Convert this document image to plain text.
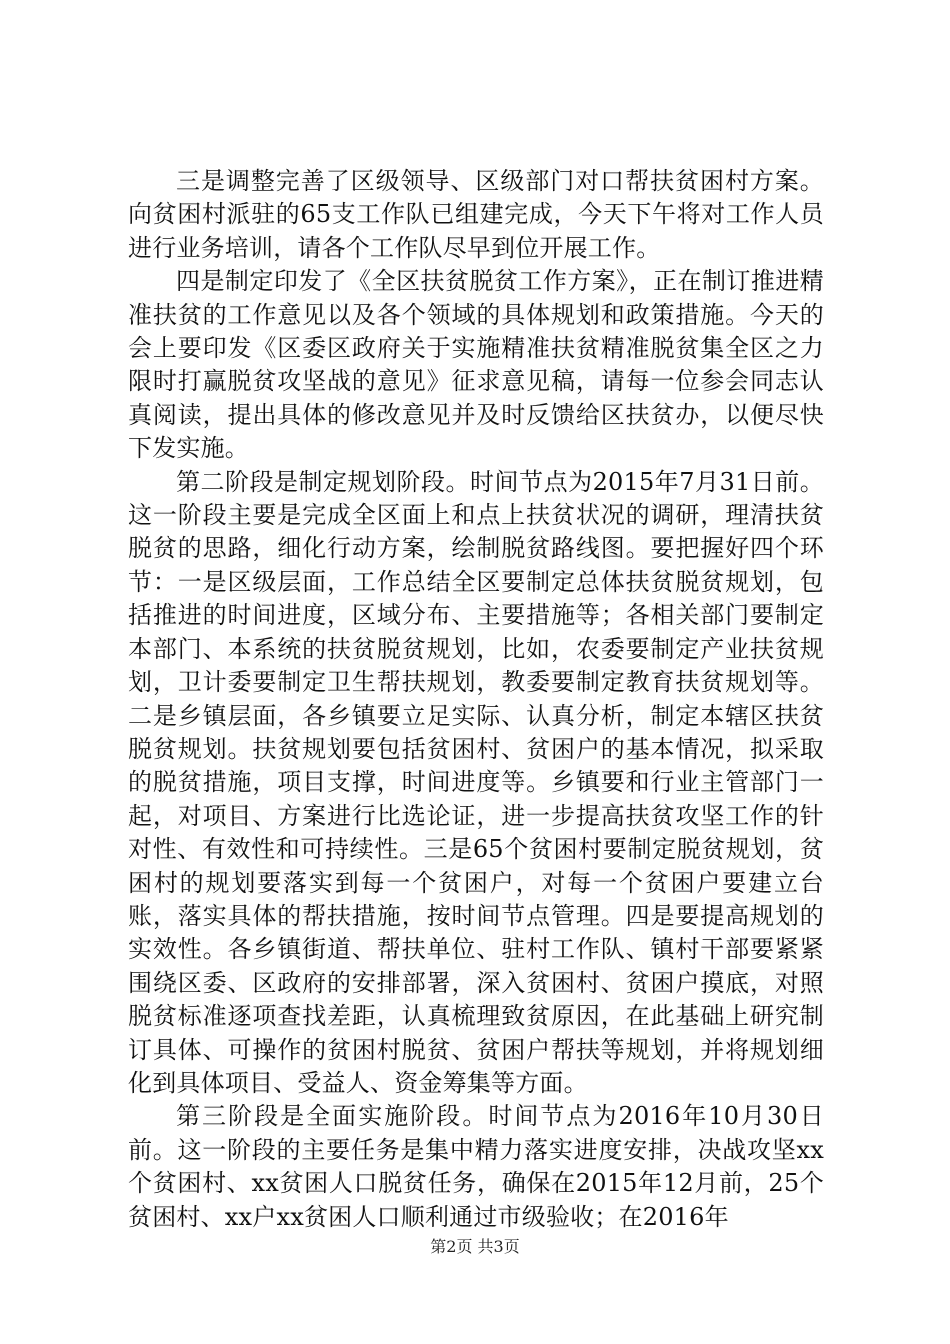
三是调整完善了区级领导、区级部门对口帮扶贫困村方案。向贫困村派驻的65支工作队已组建完成，今天下午将对工作人员进行业务培训，请各个工作队尽早到位开展工作。

四是制定印发了《全区扶贫脱贫工作方案》，正在制订推进精准扶贫的工作意见以及各个领域的具体规划和政策措施。今天的会上要印发《区委区政府关于实施精准扶贫精准脱贫集全区之力限时打赢脱贫攻坚战的意见》征求意见稿，请每一位参会同志认真阅读，提出具体的修改意见并及时反馈给区扶贫办，以便尽快下发实施。

第二阶段是制定规划阶段。时间节点为2015年7月31日前。这一阶段主要是完成全区面上和点上扶贫状况的调研，理清扶贫脱贫的思路，细化行动方案，绘制脱贫路线图。要把握好四个环节：一是区级层面，工作总结全区要制定总体扶贫脱贫规划，包括推进的时间进度，区域分布、主要措施等；各相关部门要制定本部门、本系统的扶贫脱贫规划，比如，农委要制定产业扶贫规划，卫计委要制定卫生帮扶规划，教委要制定教育扶贫规划等。二是乡镇层面，各乡镇要立足实际、认真分析，制定本辖区扶贫脱贫规划。扶贫规划要包括贫困村、贫困户的基本情况，拟采取的脱贫措施，项目支撑，时间进度等。乡镇要和行业主管部门一起，对项目、方案进行比选论证，进一步提高扶贫攻坚工作的针对性、有效性和可持续性。三是65个贫困村要制定脱贫规划，贫困村的规划要落实到每一个贫困户，对每一个贫困户要建立台账，落实具体的帮扶措施，按时间节点管理。四是要提高规划的实效性。各乡镇街道、帮扶单位、驻村工作队、镇村干部要紧紧围绕区委、区政府的安排部署，深入贫困村、贫困户摸底，对照脱贫标准逐项查找差距，认真梳理致贫原因，在此基础上研究制订具体、可操作的贫困村脱贫、贫困户帮扶等规划，并将规划细化到具体项目、受益人、资金筹集等方面。

第三阶段是全面实施阶段。时间节点为2016年10月30日前。这一阶段的主要任务是集中精力落实进度安排，决战攻坚xx个贫困村、xx贫困人口脱贫任务，确保在2015年12月前，25个贫困村、xx户xx贫困人口顺利通过市级验收；在2016年

第2页 共3页
